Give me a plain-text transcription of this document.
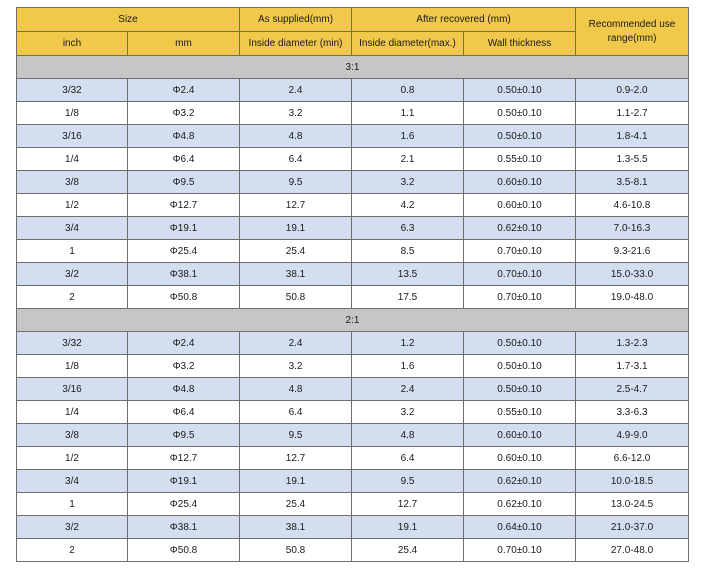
Size		As supplied(mm)	After recovered (mm)		Recommended use range(mm)
inch	mm	Inside diameter (min)	Inside diameter(max.)	Wall thickness	
3:1					
3/32	Φ2.4	2.4	0.8	0.50±0.10	0.9-2.0
1/8	Φ3.2	3.2	1.1	0.50±0.10	1.1-2.7
3/16	Φ4.8	4.8	1.6	0.50±0.10	1.8-4.1
1/4	Φ6.4	6.4	2.1	0.55±0.10	1.3-5.5
3/8	Φ9.5	9.5	3.2	0.60±0.10	3.5-8.1
1/2	Φ12.7	12.7	4.2	0.60±0.10	4.6-10.8
3/4	Φ19.1	19.1	6.3	0.62±0.10	7.0-16.3
1	Φ25.4	25.4	8.5	0.70±0.10	9.3-21.6
3/2	Φ38.1	38.1	13.5	0.70±0.10	15.0-33.0
2	Φ50.8	50.8	17.5	0.70±0.10	19.0-48.0
2:1					
3/32	Φ2.4	2.4	1.2	0.50±0.10	1.3-2.3
1/8	Φ3.2	3.2	1.6	0.50±0.10	1.7-3.1
3/16	Φ4.8	4.8	2.4	0.50±0.10	2.5-4.7
1/4	Φ6.4	6.4	3.2	0.55±0.10	3.3-6.3
3/8	Φ9.5	9.5	4.8	0.60±0.10	4.9-9.0
1/2	Φ12.7	12.7	6.4	0.60±0.10	6.6-12.0
3/4	Φ19.1	19.1	9.5	0.62±0.10	10.0-18.5
1	Φ25.4	25.4	12.7	0.62±0.10	13.0-24.5
3/2	Φ38.1	38.1	19.1	0.64±0.10	21.0-37.0
2	Φ50.8	50.8	25.4	0.70±0.10	27.0-48.0
